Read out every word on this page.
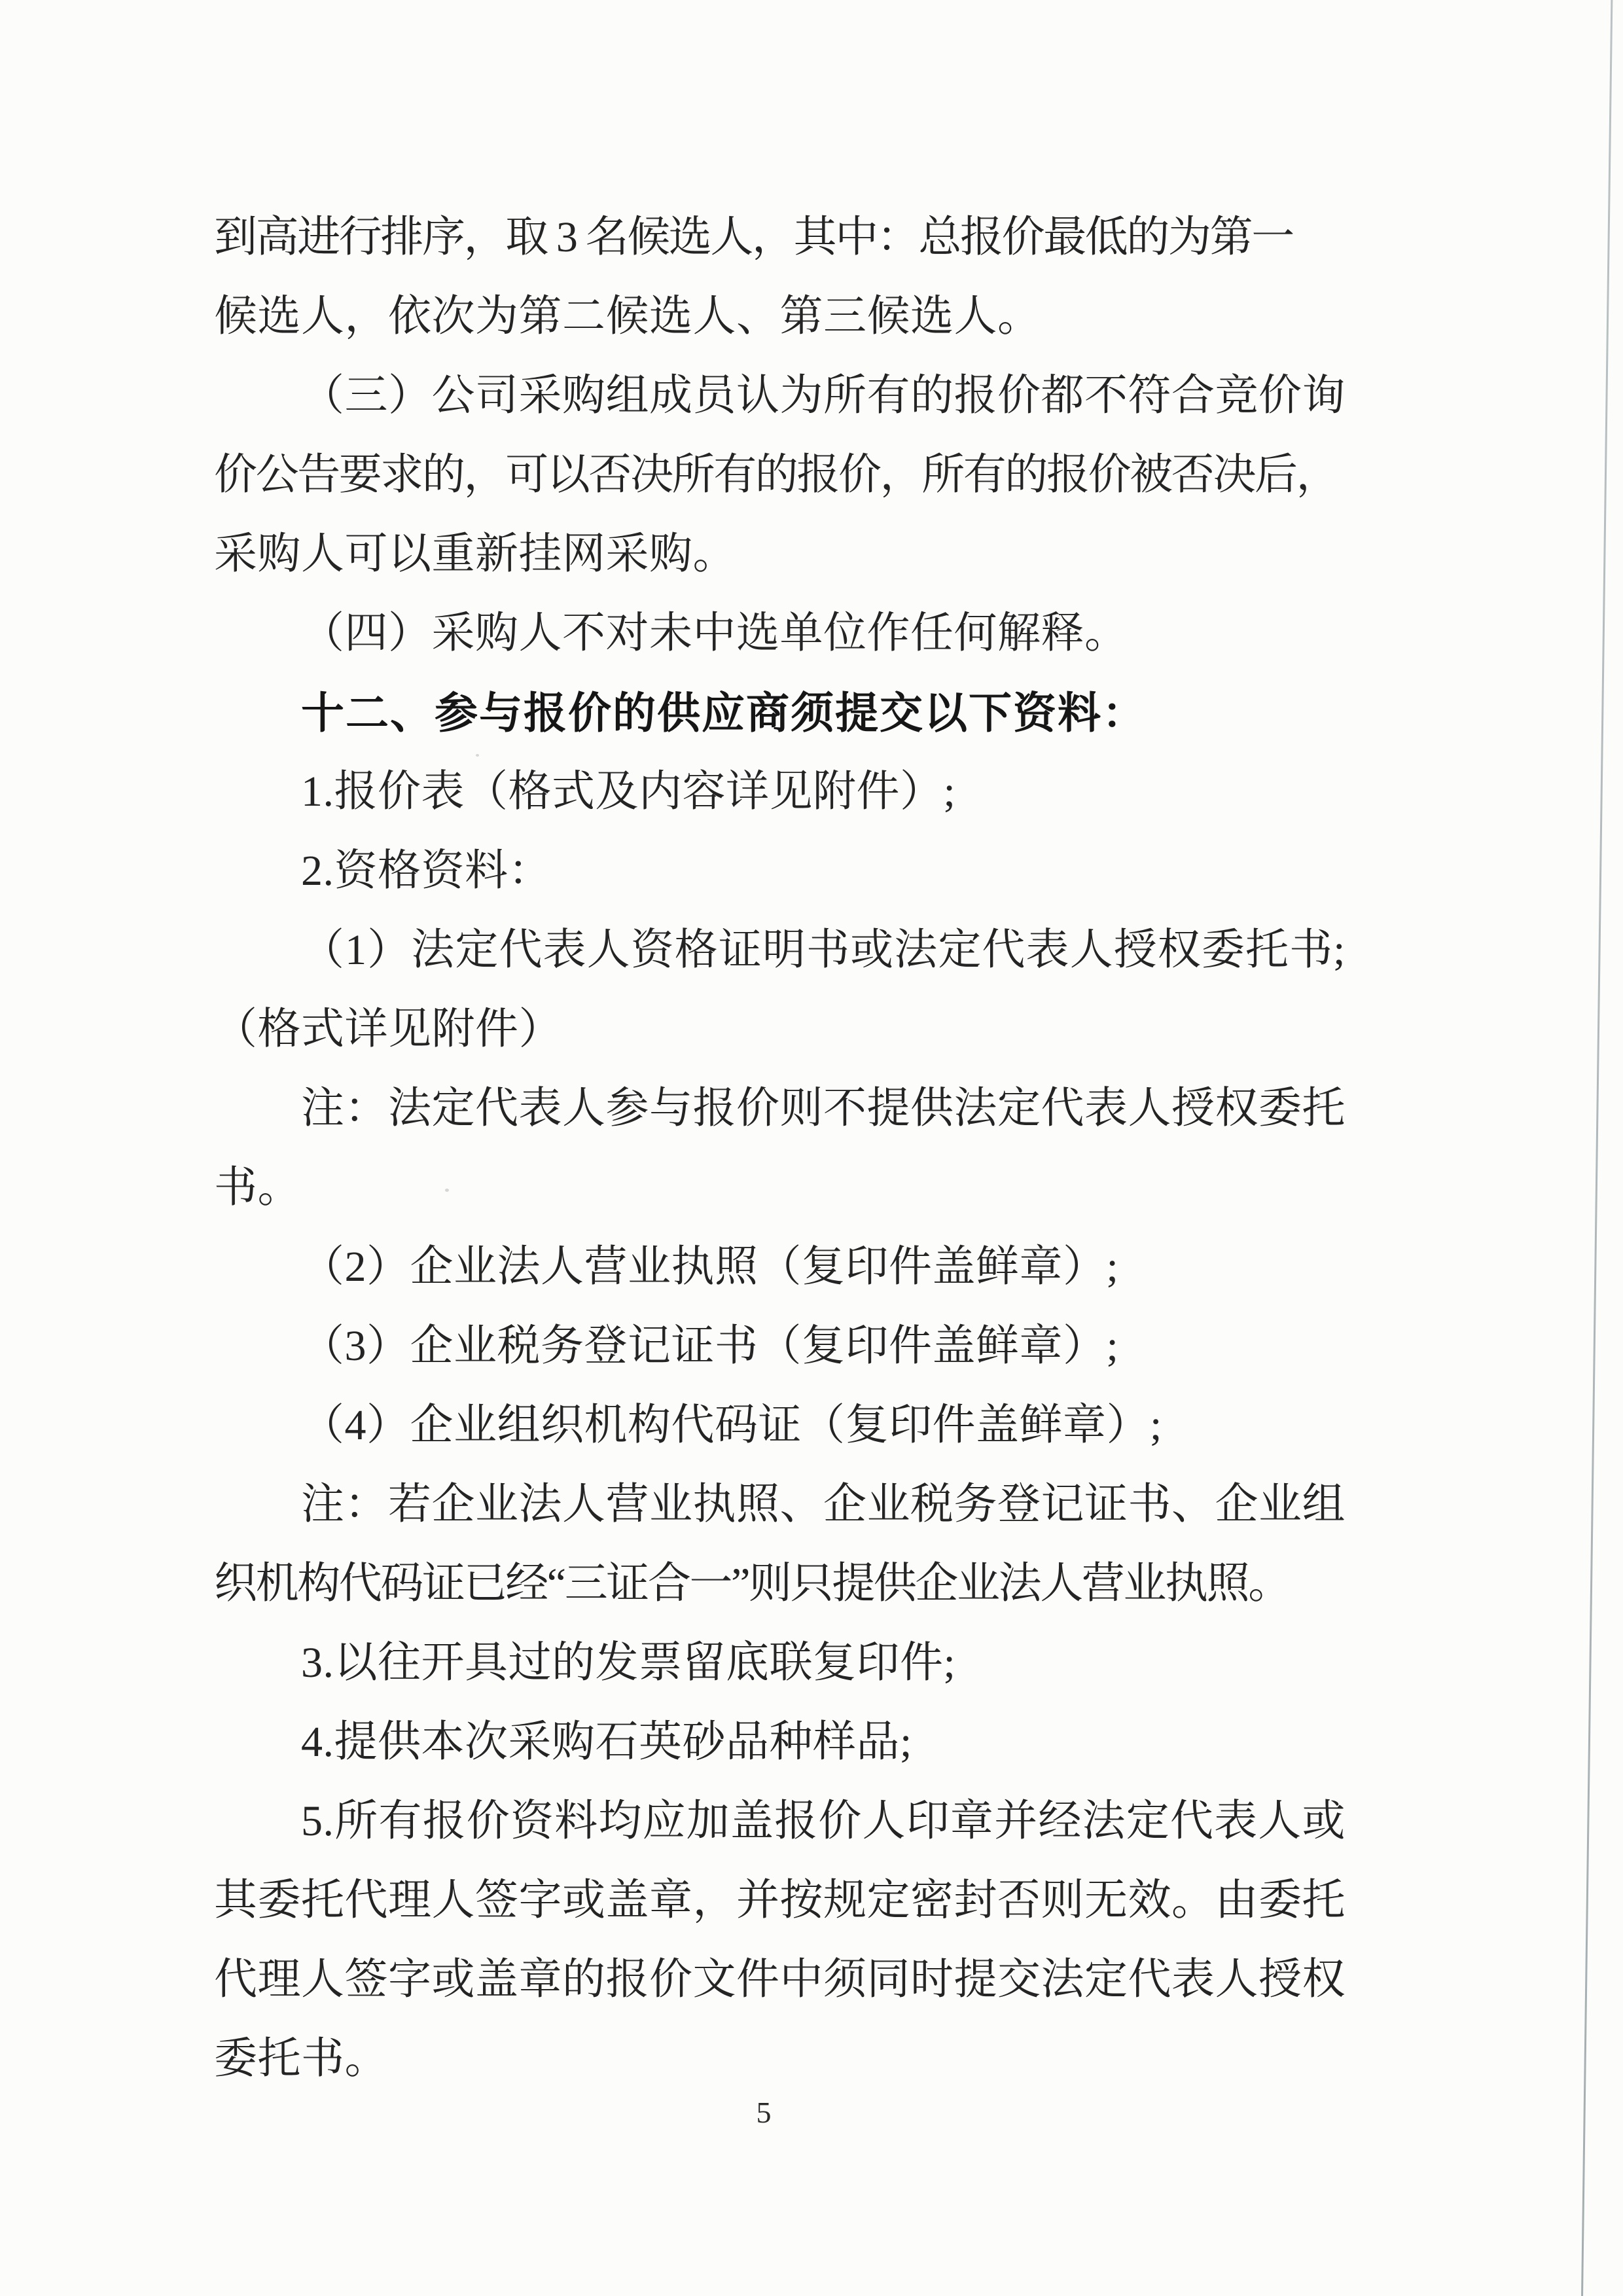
到高进行排序，取 3 名候选人，其中：总报价最低的为第一
候选人，依次为第二候选人、第三候选人。
（三）公司采购组成员认为所有的报价都不符合竞价询
价公告要求的，可以否决所有的报价，所有的报价被否决后，
采购人可以重新挂网采购。
（四）采购人不对未中选单位作任何解释。
十二、参与报价的供应商须提交以下资料：
1.报价表（格式及内容详见附件）;
2.资格资料：
（1）法定代表人资格证明书或法定代表人授权委托书;
（格式详见附件）
注：法定代表人参与报价则不提供法定代表人授权委托
书。
（2）企业法人营业执照（复印件盖鲜章）;
（3）企业税务登记证书（复印件盖鲜章）;
（4）企业组织机构代码证（复印件盖鲜章）;
注：若企业法人营业执照、企业税务登记证书、企业组
织机构代码证已经“三证合一”则只提供企业法人营业执照。
3.以往开具过的发票留底联复印件;
4.提供本次采购石英砂品种样品;
5.所有报价资料均应加盖报价人印章并经法定代表人或
其委托代理人签字或盖章，并按规定密封否则无效。由委托
代理人签字或盖章的报价文件中须同时提交法定代表人授权
委托书。
5
